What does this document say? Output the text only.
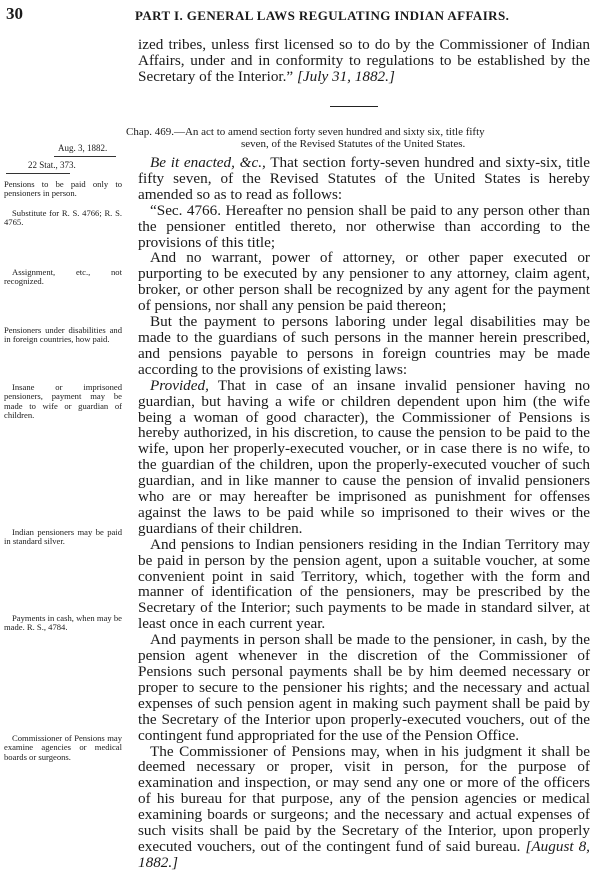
30	PART I. GENERAL LAWS REGULATING INDIAN AFFAIRS.

ized tribes, unless first licensed so to do by the Commissioner of Indian Affairs, under and in conformity to regulations to be established by the Secretary of the Interior.” [July 31, 1882.]

Chap. 469.—An act to amend section forty seven hundred and sixty six, title fifty
seven, of the Revised Statutes of the United States.
Aug. 3, 1882.
22 Stat., 373.

Pensions to be paid only to pensioners in person.

Substitute for R. S. 4766; R. S. 4765.

Assignment, etc., not recognized.

Pensioners under disabilities and in foreign countries, how paid.

Insane or imprisoned pensioners, payment may be made to wife or guardian of children.

Indian pensioners may be paid in standard silver.

Payments in cash, when may be made. R. S., 4784.

Commissioner of Pensions may examine agencies or medical boards or surgeons.

Be it enacted, &c., That section forty-seven hundred and sixty-six, title fifty seven, of the Revised Statutes of the United States is hereby amended so as to read as follows:

“Sec. 4766. Hereafter no pension shall be paid to any person other than the pensioner entitled thereto, nor otherwise than according to the provisions of this title;

And no warrant, power of attorney, or other paper executed or purporting to be executed by any pensioner to any attorney, claim agent, broker, or other person shall be recognized by any agent for the payment of pensions, nor shall any pension be paid thereon;

But the payment to persons laboring under legal disabilities may be made to the guardians of such persons in the manner herein prescribed, and pensions payable to persons in foreign countries may be made according to the provisions of existing laws:

Provided, That in case of an insane invalid pensioner having no guardian, but having a wife or children dependent upon him (the wife being a woman of good character), the Commissioner of Pensions is hereby authorized, in his discretion, to cause the pension to be paid to the wife, upon her properly-executed voucher, or in case there is no wife, to the guardian of the children, upon the properly-executed voucher of such guardian, and in like manner to cause the pension of invalid pensioners who are or may hereafter be imprisoned as punishment for offenses against the laws to be paid while so imprisoned to their wives or the guardians of their children.

And pensions to Indian pensioners residing in the Indian Territory may be paid in person by the pension agent, upon a suitable voucher, at some convenient point in said Territory, which, together with the form and manner of identification of the pensioners, may be prescribed by the Secretary of the Interior; such payments to be made in standard silver, at least once in each current year.

And payments in person shall be made to the pensioner, in cash, by the pension agent whenever in the discretion of the Commissioner of Pensions such personal payments shall be by him deemed necessary or proper to secure to the pensioner his rights; and the necessary and actual expenses of such pension agent in making such payment shall be paid by the Secretary of the Interior upon properly-executed vouchers, out of the contingent fund appropriated for the use of the Pension Office.

The Commissioner of Pensions may, when in his judgment it shall be deemed necessary or proper, visit in person, for the purpose of examination and inspection, or may send any one or more of the officers of his bureau for that purpose, any of the pension agencies or medical examining boards or surgeons; and the necessary and actual expenses of such visits shall be paid by the Secretary of the Interior, upon properly executed vouchers, out of the contingent fund of said bureau. [August 8, 1882.]
